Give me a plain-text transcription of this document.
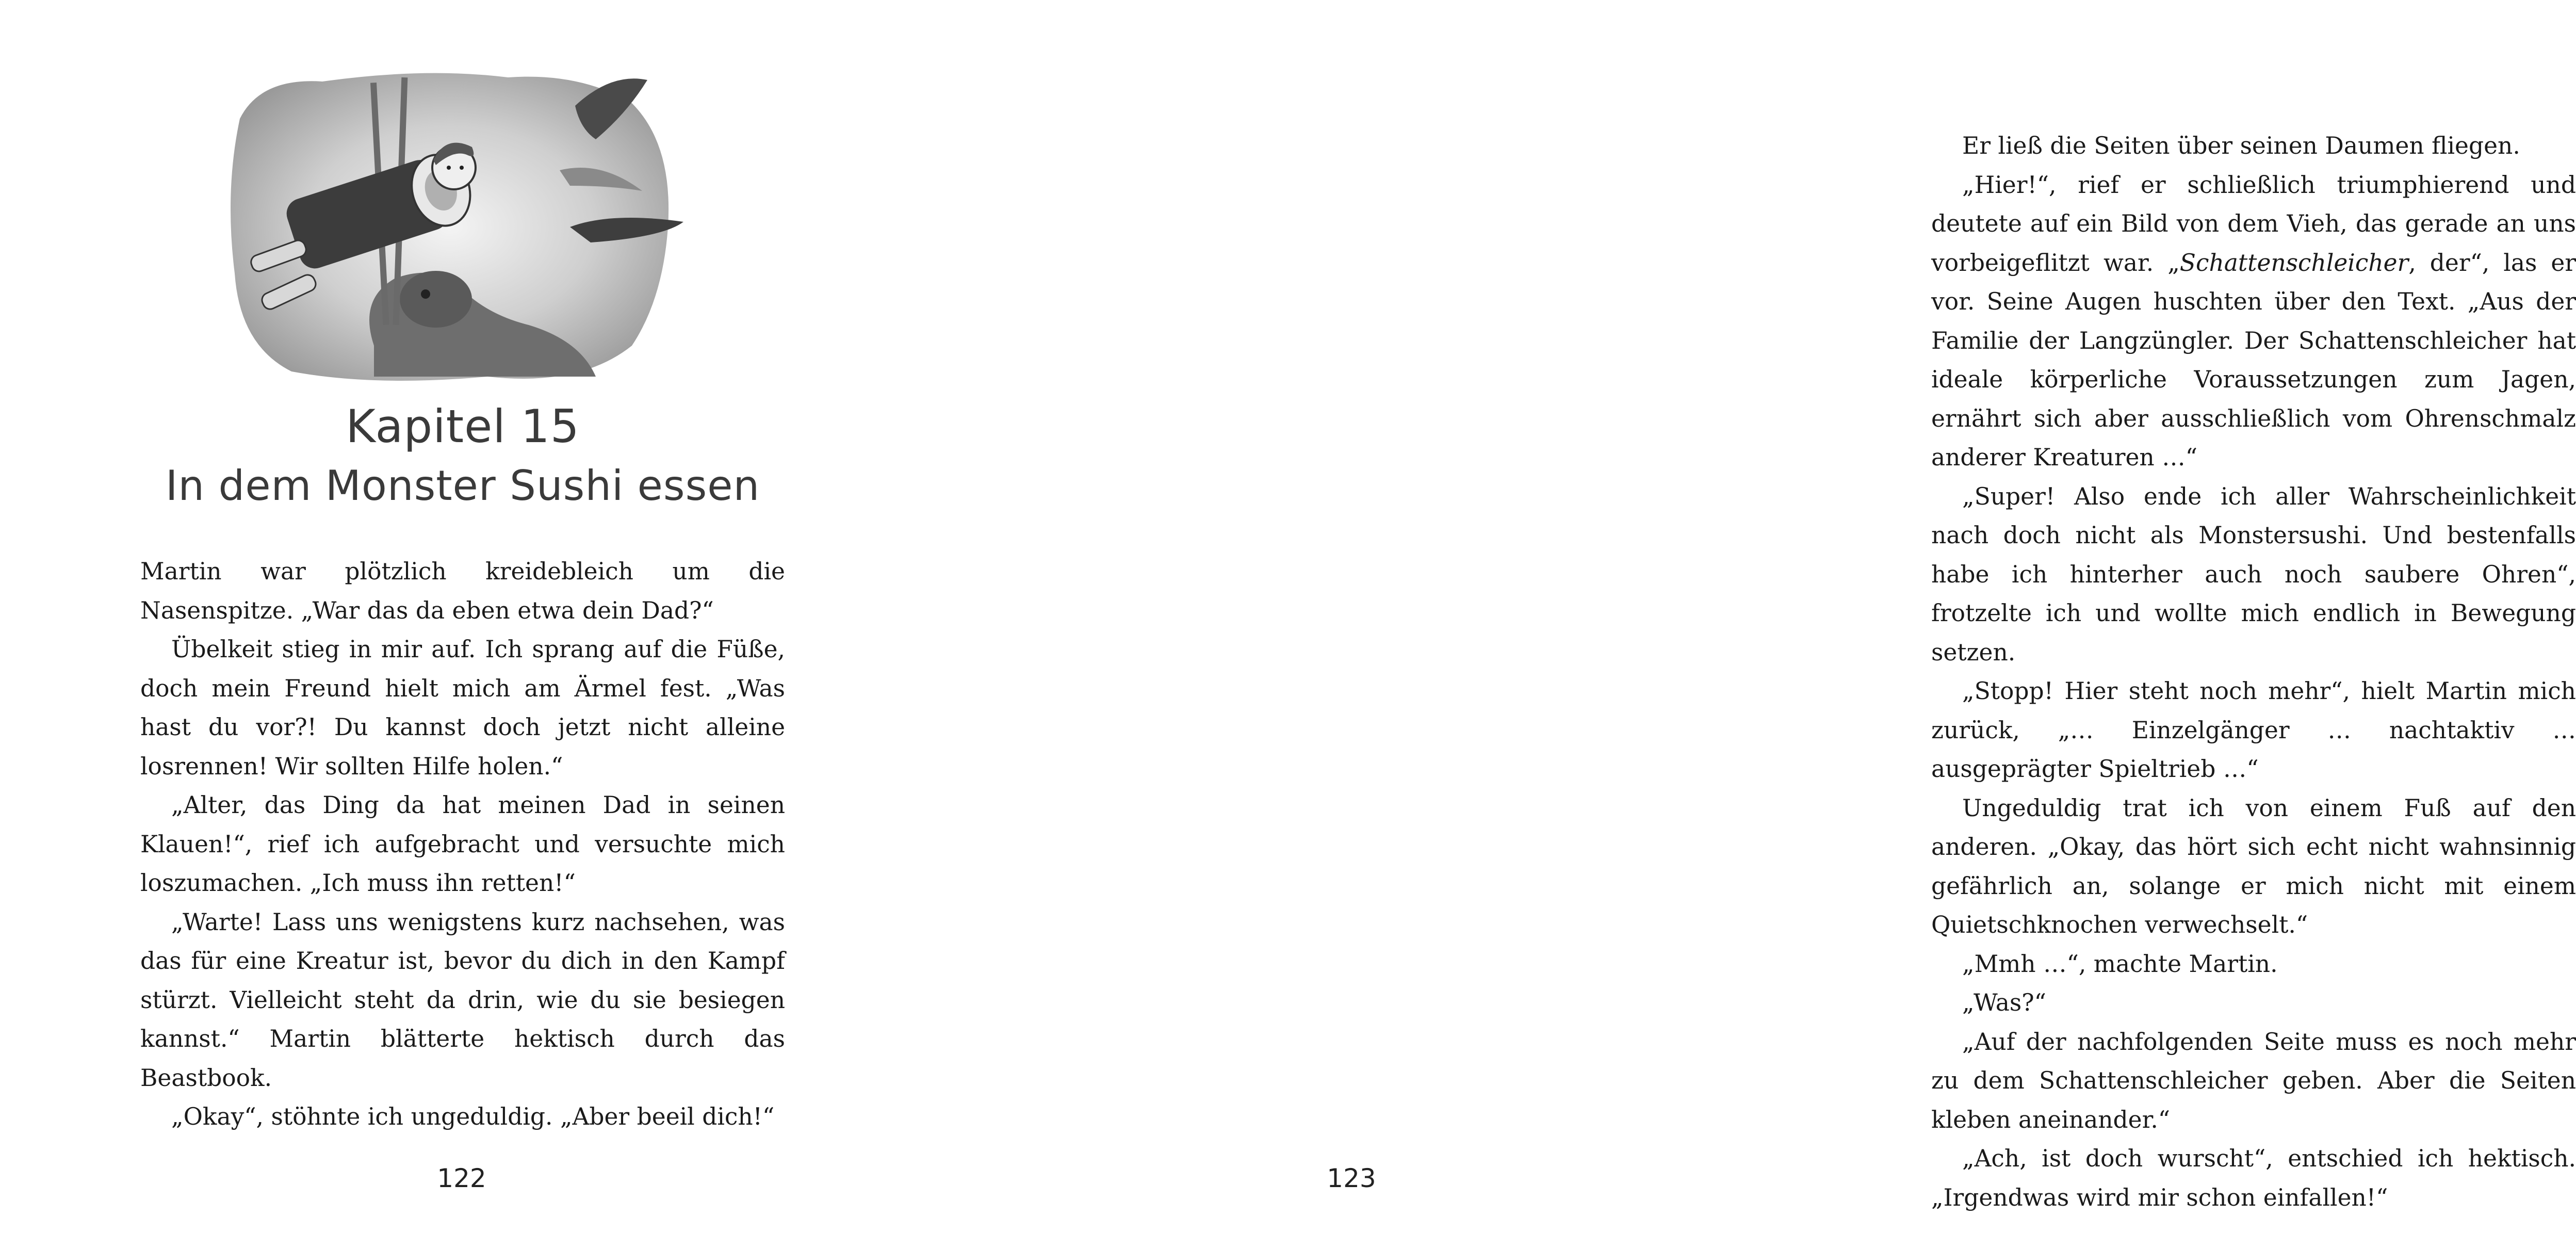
Kapitel 15
In dem Monster Sushi essen

Martin war plötzlich kreidebleich um die Nasenspitze. „War das da eben etwa dein Dad?“

Übelkeit stieg in mir auf. Ich sprang auf die Füße, doch mein Freund hielt mich am Ärmel fest. „Was hast du vor?! Du kannst doch jetzt nicht alleine losrennen! Wir sollten Hilfe holen.“

„Alter, das Ding da hat meinen Dad in seinen Klauen!“, rief ich aufgebracht und versuchte mich loszumachen. „Ich muss ihn retten!“

„Warte! Lass uns wenigstens kurz nachsehen, was das für eine Kreatur ist, bevor du dich in den Kampf stürzt. Vielleicht steht da drin, wie du sie besiegen kannst.“ Martin blätterte hektisch durch das Beastbook.

„Okay“, stöhnte ich ungeduldig. „Aber beeil dich!“

122

Er ließ die Seiten über seinen Daumen fliegen.

„Hier!“, rief er schließlich triumphierend und deutete auf ein Bild von dem Vieh, das gerade an uns vorbeigeflitzt war. „Schattenschleicher, der“, las er vor. Seine Augen huschten über den Text. „Aus der Familie der Langzüngler. Der Schattenschleicher hat ideale körperliche Voraussetzungen zum Jagen, ernährt sich aber ausschließlich vom Ohrenschmalz anderer Kreaturen …“

„Super! Also ende ich aller Wahrscheinlichkeit nach doch nicht als Monstersushi. Und bestenfalls habe ich hinterher auch noch saubere Ohren“, frotzelte ich und wollte mich endlich in Bewegung setzen.

„Stopp! Hier steht noch mehr“, hielt Martin mich zurück, „… Einzelgänger … nachtaktiv … ausgeprägter Spieltrieb …“

Ungeduldig trat ich von einem Fuß auf den anderen. „Okay, das hört sich echt nicht wahnsinnig gefährlich an, solange er mich nicht mit einem Quietschknochen verwechselt.“

„Mmh …“, machte Martin.

„Was?“

„Auf der nachfolgenden Seite muss es noch mehr zu dem Schattenschleicher geben. Aber die Seiten kleben aneinander.“

„Ach, ist doch wurscht“, entschied ich hektisch. „Irgendwas wird mir schon einfallen!“

123
